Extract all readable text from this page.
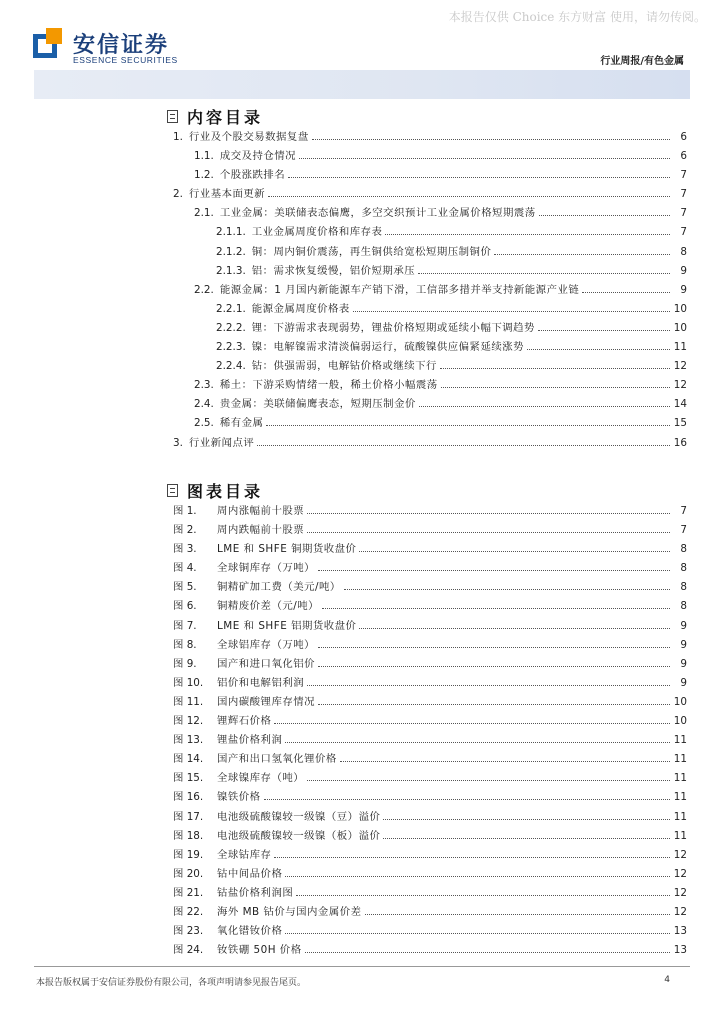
本报告仅供 Choice 东方财富 使用，请勿传阅。
安信证券
ESSENCE SECURITIES	行业周报/有色金属
内容目录
1. 行业及个股交易数据复盘	6
1.1. 成交及持仓情况	6
1.2. 个股涨跌排名	7
2. 行业基本面更新	7
2.1. 工业金属：美联储表态偏鹰，多空交织预计工业金属价格短期震荡	7
2.1.1. 工业金属周度价格和库存表	7
2.1.2. 铜：周内铜价震荡，再生铜供给宽松短期压制铜价	8
2.1.3. 铝：需求恢复缓慢，铝价短期承压	9
2.2. 能源金属：1 月国内新能源车产销下滑，工信部多措并举支持新能源产业链	9
2.2.1. 能源金属周度价格表	10
2.2.2. 锂：下游需求表现弱势，锂盐价格短期或延续小幅下调趋势	10
2.2.3. 镍：电解镍需求清淡偏弱运行，硫酸镍供应偏紧延续涨势	11
2.2.4. 钴：供强需弱，电解钴价格或继续下行	12
2.3. 稀土：下游采购情绪一般，稀土价格小幅震荡	12
2.4. 贵金属：美联储偏鹰表态，短期压制金价	14
2.5. 稀有金属	15
3. 行业新闻点评	16
图表目录
图 1.	周内涨幅前十股票	7
图 2.	周内跌幅前十股票	7
图 3.	LME 和 SHFE 铜期货收盘价	8
图 4.	全球铜库存（万吨）	8
图 5.	铜精矿加工费（美元/吨）	8
图 6.	铜精废价差（元/吨）	8
图 7.	LME 和 SHFE 铝期货收盘价	9
图 8.	全球铝库存（万吨）	9
图 9.	国产和进口氧化铝价	9
图 10.	铝价和电解铝利润	9
图 11.	国内碳酸锂库存情况	10
图 12.	锂辉石价格	10
图 13.	锂盐价格利润	11
图 14.	国产和出口氢氧化锂价格	11
图 15.	全球镍库存（吨）	11
图 16.	镍铁价格	11
图 17.	电池级硫酸镍较一级镍（豆）溢价	11
图 18.	电池级硫酸镍较一级镍（板）溢价	11
图 19.	全球钴库存	12
图 20.	钴中间品价格	12
图 21.	钴盐价格利润图	12
图 22.	海外 MB 钴价与国内金属价差	12
图 23.	氧化镨钕价格	13
图 24.	钕铁硼 50H 价格	13
本报告版权属于安信证券股份有限公司，各项声明请参见报告尾页。	4
